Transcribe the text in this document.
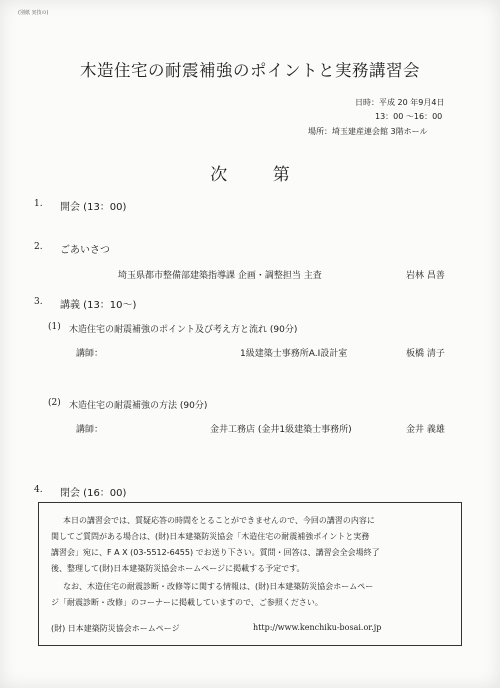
(別紙 実技の)
木造住宅の耐震補強のポイントと実務講習会
日時：平成 20 年9月4日
13：00 〜16：00
場所：埼玉建産連会館 3階ホール
次 第
1. 開会 (13：00)
2. ごあいさつ
埼玉県都市整備部建築指導課 企画・調整担当 主査	岩林 昌善
3. 講義 (13：10〜)
(1) 木造住宅の耐震補強のポイント及び考え方と流れ (90分)
講師：	1級建築士事務所A.I設計室	板橋 清子
(2) 木造住宅の耐震補強の方法 (90分)
講師：	金井工務店 (金井1級建築士事務所)	金井 義雄
4. 閉会 (16：00)
本日の講習会では、質疑応答の時間をとることができませんので、今回の講習の内容に
関してご質問がある場合は、(財)日本建築防災協会「木造住宅の耐震補強ポイントと実務
講習会」宛に、F A X (03-5512-6455) でお送り下さい。質問・回答は、講習会全会場終了
後、整理して(財)日本建築防災協会ホームページに掲載する予定です。
なお、木造住宅の耐震診断・改修等に関する情報は、(財)日本建築防災協会ホームペー
ジ「耐震診断・改修」のコーナーに掲載していますので、ご参照ください。
(財) 日本建築防災協会ホームページ	http://www.kenchiku-bosai.or.jp
